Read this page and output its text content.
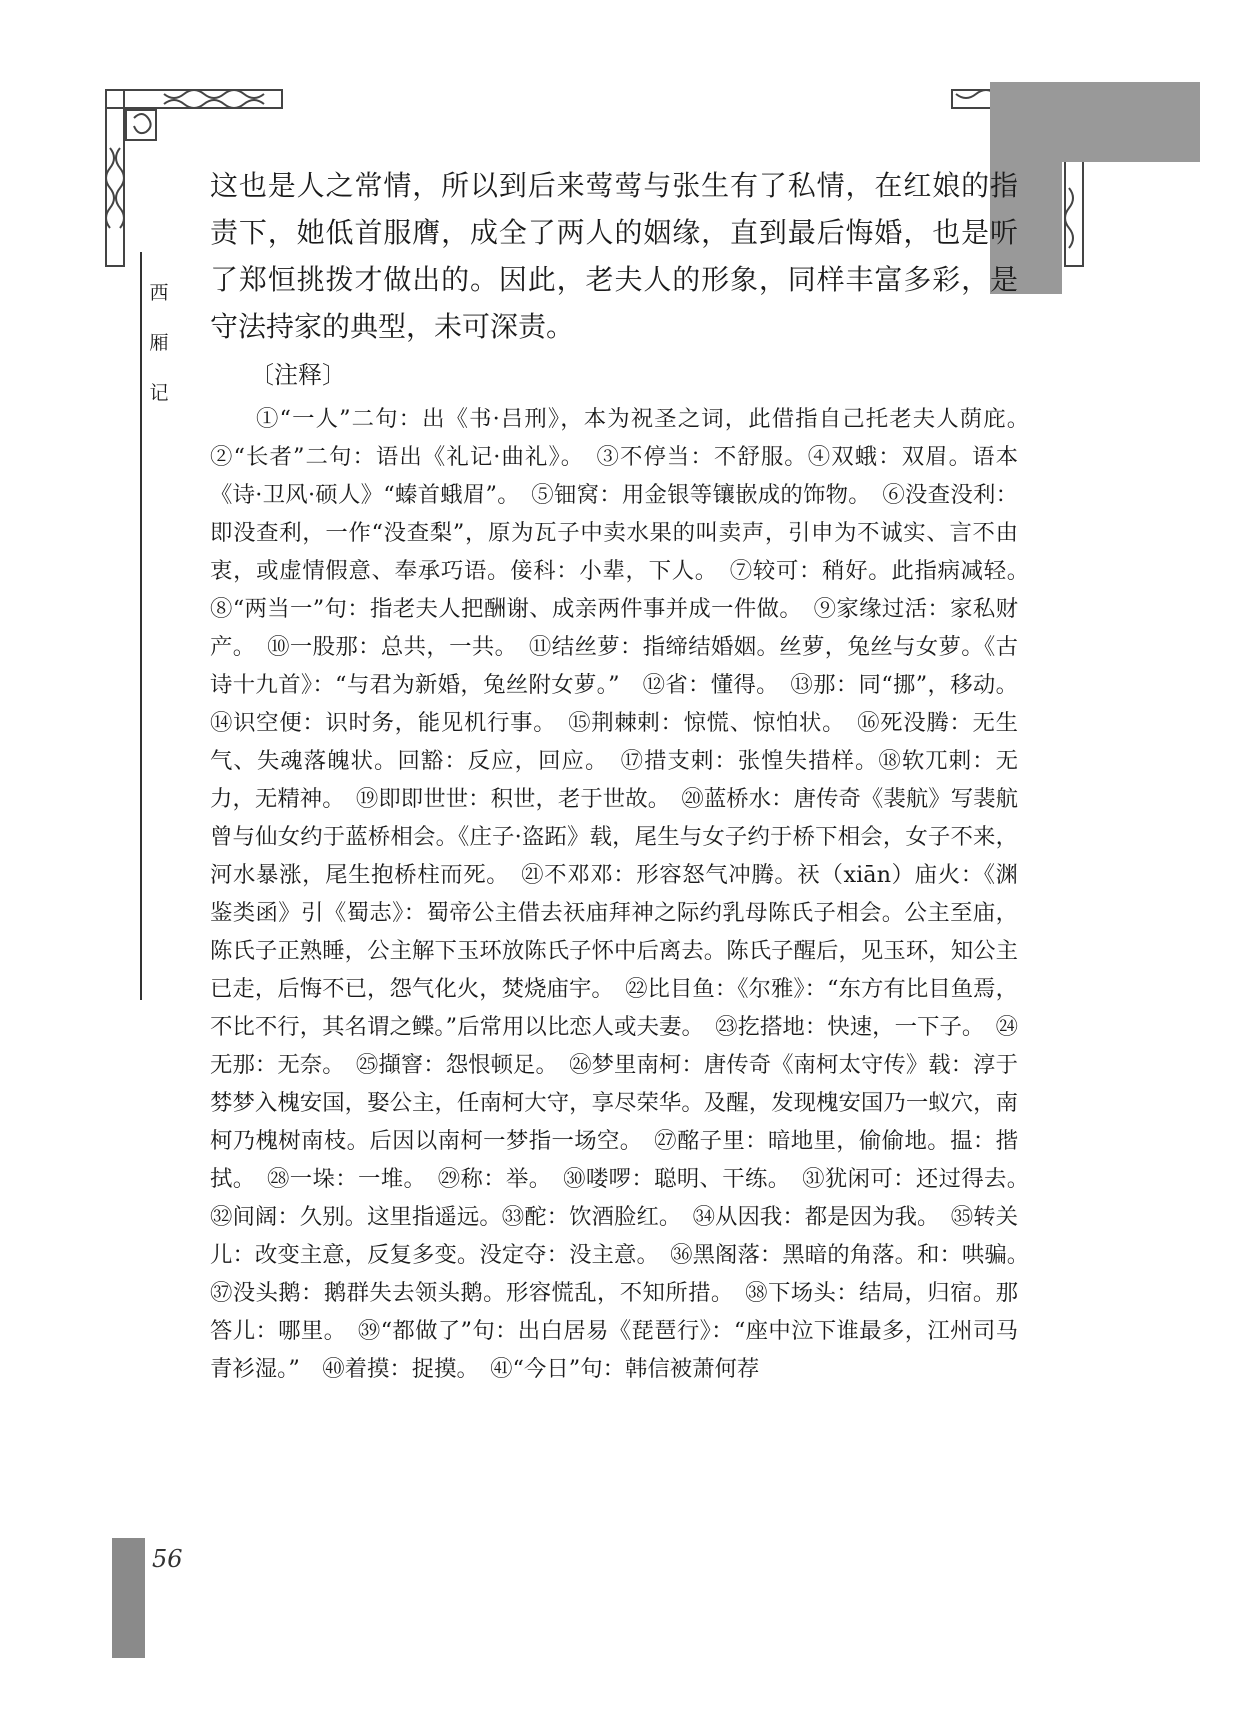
西
厢
记

这也是人之常情，所以到后来莺莺与张生有了私情，在红娘的指责下，她低首服膺，成全了两人的姻缘，直到最后悔婚，也是听了郑恒挑拨才做出的。因此，老夫人的形象，同样丰富多彩，是守法持家的典型，未可深责。

〔注释〕

①“一人”二句：出《书·吕刑》，本为祝圣之词，此借指自己托老夫人荫庇。　②“长者”二句：语出《礼记·曲礼》。　③不停当：不舒服。④双蛾：双眉。语本《诗·卫风·硕人》“螓首蛾眉”。　⑤钿窝：用金银等镶嵌成的饰物。　⑥没查没利：即没查利，一作“没查梨”，原为瓦子中卖水果的叫卖声，引申为不诚实、言不由衷，或虚情假意、奉承巧语。倿科：小辈，下人。　⑦较可：稍好。此指病减轻。　⑧“两当一”句：指老夫人把酬谢、成亲两件事并成一件做。　⑨家缘过活：家私财产。　⑩一股那：总共，一共。　⑪结丝萝：指缔结婚姻。丝萝，兔丝与女萝。《古诗十九首》：“与君为新婚，兔丝附女萝。”　⑫省：懂得。　⑬那：同“挪”，移动。⑭识空便：识时务，能见机行事。　⑮荆棘剌：惊慌、惊怕状。　⑯死没腾：无生气、失魂落魄状。回豁：反应，回应。　⑰措支剌：张惶失措样。⑱软兀剌：无力，无精神。　⑲即即世世：积世，老于世故。　⑳蓝桥水：唐传奇《裴航》写裴航曾与仙女约于蓝桥相会。《庄子·盗跖》载，尾生与女子约于桥下相会，女子不来，河水暴涨，尾生抱桥柱而死。　㉑不邓邓：形容怒气冲腾。祆（xiān）庙火：《渊鉴类函》引《蜀志》：蜀帝公主借去祆庙拜神之际约乳母陈氏子相会。公主至庙，陈氏子正熟睡，公主解下玉环放陈氏子怀中后离去。陈氏子醒后，见玉环，知公主已走，后悔不已，怨气化火，焚烧庙宇。　㉒比目鱼：《尔雅》：“东方有比目鱼焉，不比不行，其名谓之鲽。”后常用以比恋人或夫妻。　㉓扢搭地：快速，一下子。　㉔无那：无奈。　㉕擷窨：怨恨顿足。　㉖梦里南柯：唐传奇《南柯太守传》载：淳于棼梦入槐安国，娶公主，任南柯大守，享尽荣华。及醒，发现槐安国乃一蚁穴，南柯乃槐树南枝。后因以南柯一梦指一场空。　㉗酩子里：暗地里，偷偷地。揾：揩拭。　㉘一垛：一堆。　㉙称：举。　㉚喽啰：聪明、干练。　㉛犹闲可：还过得去。　㉜间阔：久别。这里指遥远。㉝酡：饮酒脸红。　㉞从因我：都是因为我。　㉟转关儿：改变主意，反复多变。没定夺：没主意。　㊱黑阁落：黑暗的角落。和：哄骗。　㊲没头鹅：鹅群失去领头鹅。形容慌乱，不知所措。　㊳下场头：结局，归宿。那答儿：哪里。　㊴“都做了”句：出白居易《琵琶行》：“座中泣下谁最多，江州司马青衫湿。”　㊵着摸：捉摸。　㊶“今日”句：韩信被萧何荐

56
